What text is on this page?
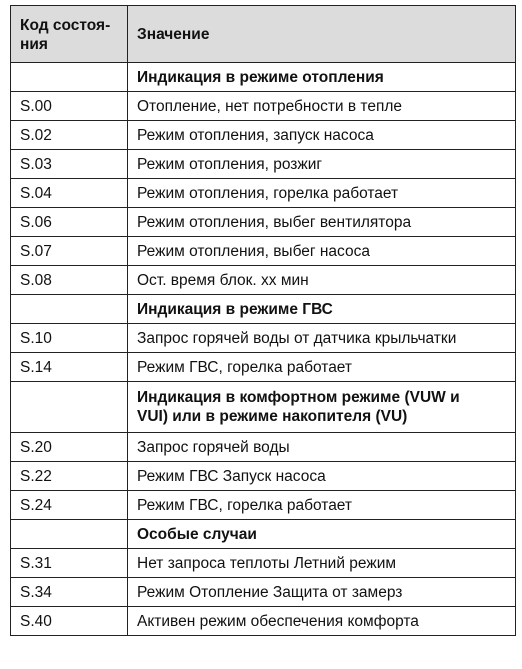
Код состоя-
ния	Значение
	Индикация в режиме отопления
S.00	Отопление, нет потребности в тепле
S.02	Режим отопления, запуск насоса
S.03	Режим отопления, розжиг
S.04	Режим отопления, горелка работает
S.06	Режим отопления, выбег вентилятора
S.07	Режим отопления, выбег насоса
S.08	Ост. время блок. xx мин
	Индикация в режиме ГВС
S.10	Запрос горячей воды от датчика крыльчатки
S.14	Режим ГВС, горелка работает

	Индикация в комфортном режиме (VUW и
VUI) или в режиме накопителя (VU)

S.20	Запрос горячей воды
S.22	Режим ГВС Запуск насоса
S.24	Режим ГВС, горелка работает
	Особые случаи
S.31	Нет запроса теплоты Летний режим
S.34	Режим Отопление Защита от замерз
S.40	Активен режим обеспечения комфорта
